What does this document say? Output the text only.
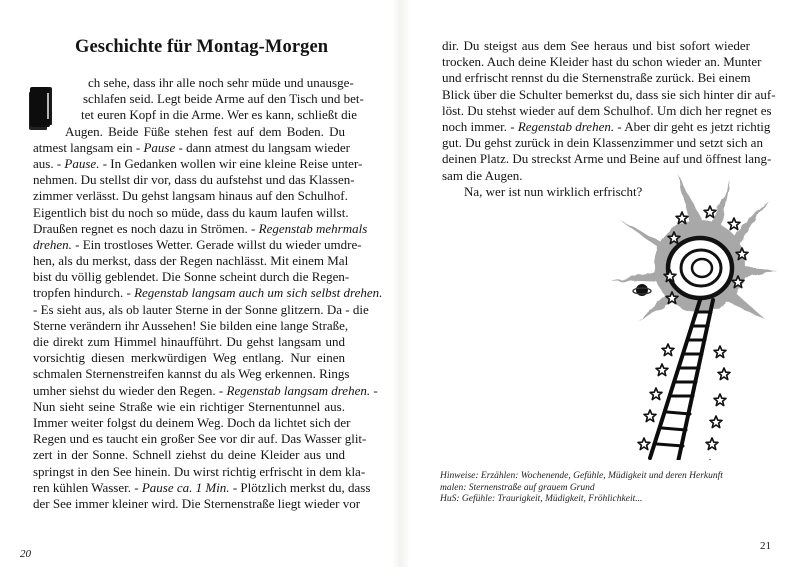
Geschichte für Montag-Morgen
ch sehe, dass ihr alle noch sehr müde und unausge-
schlafen seid. Legt beide Arme auf den Tisch und bet-
tet euren Kopf in die Arme. Wer es kann, schließt die
Augen. Beide Füße stehen fest auf dem Boden. Du
atmest langsam ein - Pause - dann atmest du langsam wieder
aus. - Pause. - In Gedanken wollen wir eine kleine Reise unter-
nehmen. Du stellst dir vor, dass du aufstehst und das Klassen-
zimmer verlässt. Du gehst langsam hinaus auf den Schulhof.
Eigentlich bist du noch so müde, dass du kaum laufen willst.
Draußen regnet es noch dazu in Strömen. - Regenstab mehrmals
drehen. - Ein trostloses Wetter. Gerade willst du wieder umdre-
hen, als du merkst, dass der Regen nachlässt. Mit einem Mal
bist du völlig geblendet. Die Sonne scheint durch die Regen-
tropfen hindurch. - Regenstab langsam auch um sich selbst drehen.
- Es sieht aus, als ob lauter Sterne in der Sonne glitzern. Da - die
Sterne verändern ihr Aussehen! Sie bilden eine lange Straße,
die direkt zum Himmel hinaufführt. Du gehst langsam und
vorsichtig diesen merkwürdigen Weg entlang. Nur einen
schmalen Sternenstreifen kannst du als Weg erkennen. Rings
umher siehst du wieder den Regen. - Regenstab langsam drehen. -
Nun sieht seine Straße wie ein richtiger Sternentunnel aus.
Immer weiter folgst du deinem Weg. Doch da lichtet sich der
Regen und es taucht ein großer See vor dir auf. Das Wasser glit-
zert in der Sonne. Schnell ziehst du deine Kleider aus und
springst in den See hinein. Du wirst richtig erfrischt in dem kla-
ren kühlen Wasser. - Pause ca. 1 Min. - Plötzlich merkst du, dass
der See immer kleiner wird. Die Sternenstraße liegt wieder vor
20
dir. Du steigst aus dem See heraus und bist sofort wieder
trocken. Auch deine Kleider hast du schon wieder an. Munter
und erfrischt rennst du die Sternenstraße zurück. Bei einem
Blick über die Schulter bemerkst du, dass sie sich hinter dir auf-
löst. Du stehst wieder auf dem Schulhof. Um dich her regnet es
noch immer. - Regenstab drehen. - Aber dir geht es jetzt richtig
gut. Du gehst zurück in dein Klassenzimmer und setzt sich an
deinen Platz. Du streckst Arme und Beine auf und öffnest lang-
sam die Augen.
Na, wer ist nun wirklich erfrischt?
Hinweise: Erzählen: Wochenende, Gefühle, Müdigkeit und deren Herkunft
malen: Sternenstraße auf grauem Grund
HuS: Gefühle: Traurigkeit, Müdigkeit, Fröhlichkeit...
21
